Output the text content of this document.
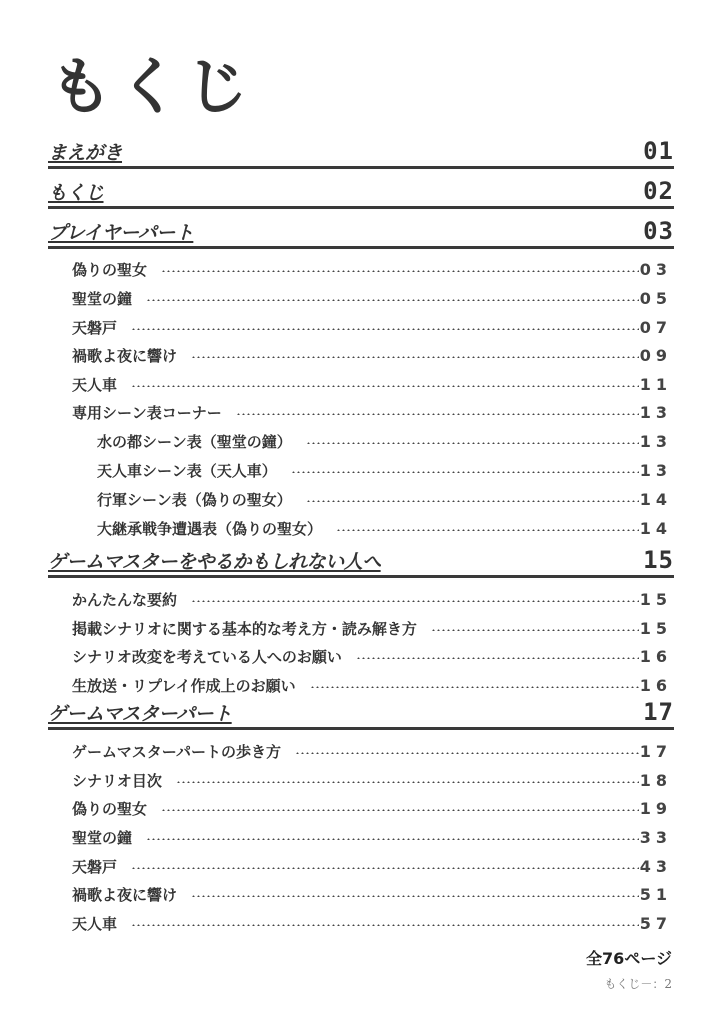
もくじ
まえがき	01
もくじ	02
プレイヤーパート	03
偽りの聖女	03
聖堂の鐘	05
天磐戸	07
禍歌よ夜に響け	09
天人車	11
専用シーン表コーナー	13
水の都シーン表（聖堂の鐘）	13
天人車シーン表（天人車）	13
行軍シーン表（偽りの聖女）	14
大継承戦争遭遇表（偽りの聖女）	14
ゲームマスターをやるかもしれない人へ	15
かんたんな要約	15
掲載シナリオに関する基本的な考え方・読み解き方	15
シナリオ改変を考えている人へのお願い	16
生放送・リプレイ作成上のお願い	16
ゲームマスターパート	17
ゲームマスターパートの歩き方	17
シナリオ目次	18
偽りの聖女	19
聖堂の鐘	33
天磐戸	43
禍歌よ夜に響け	51
天人車	57
全76ページ
もくじ－：2
